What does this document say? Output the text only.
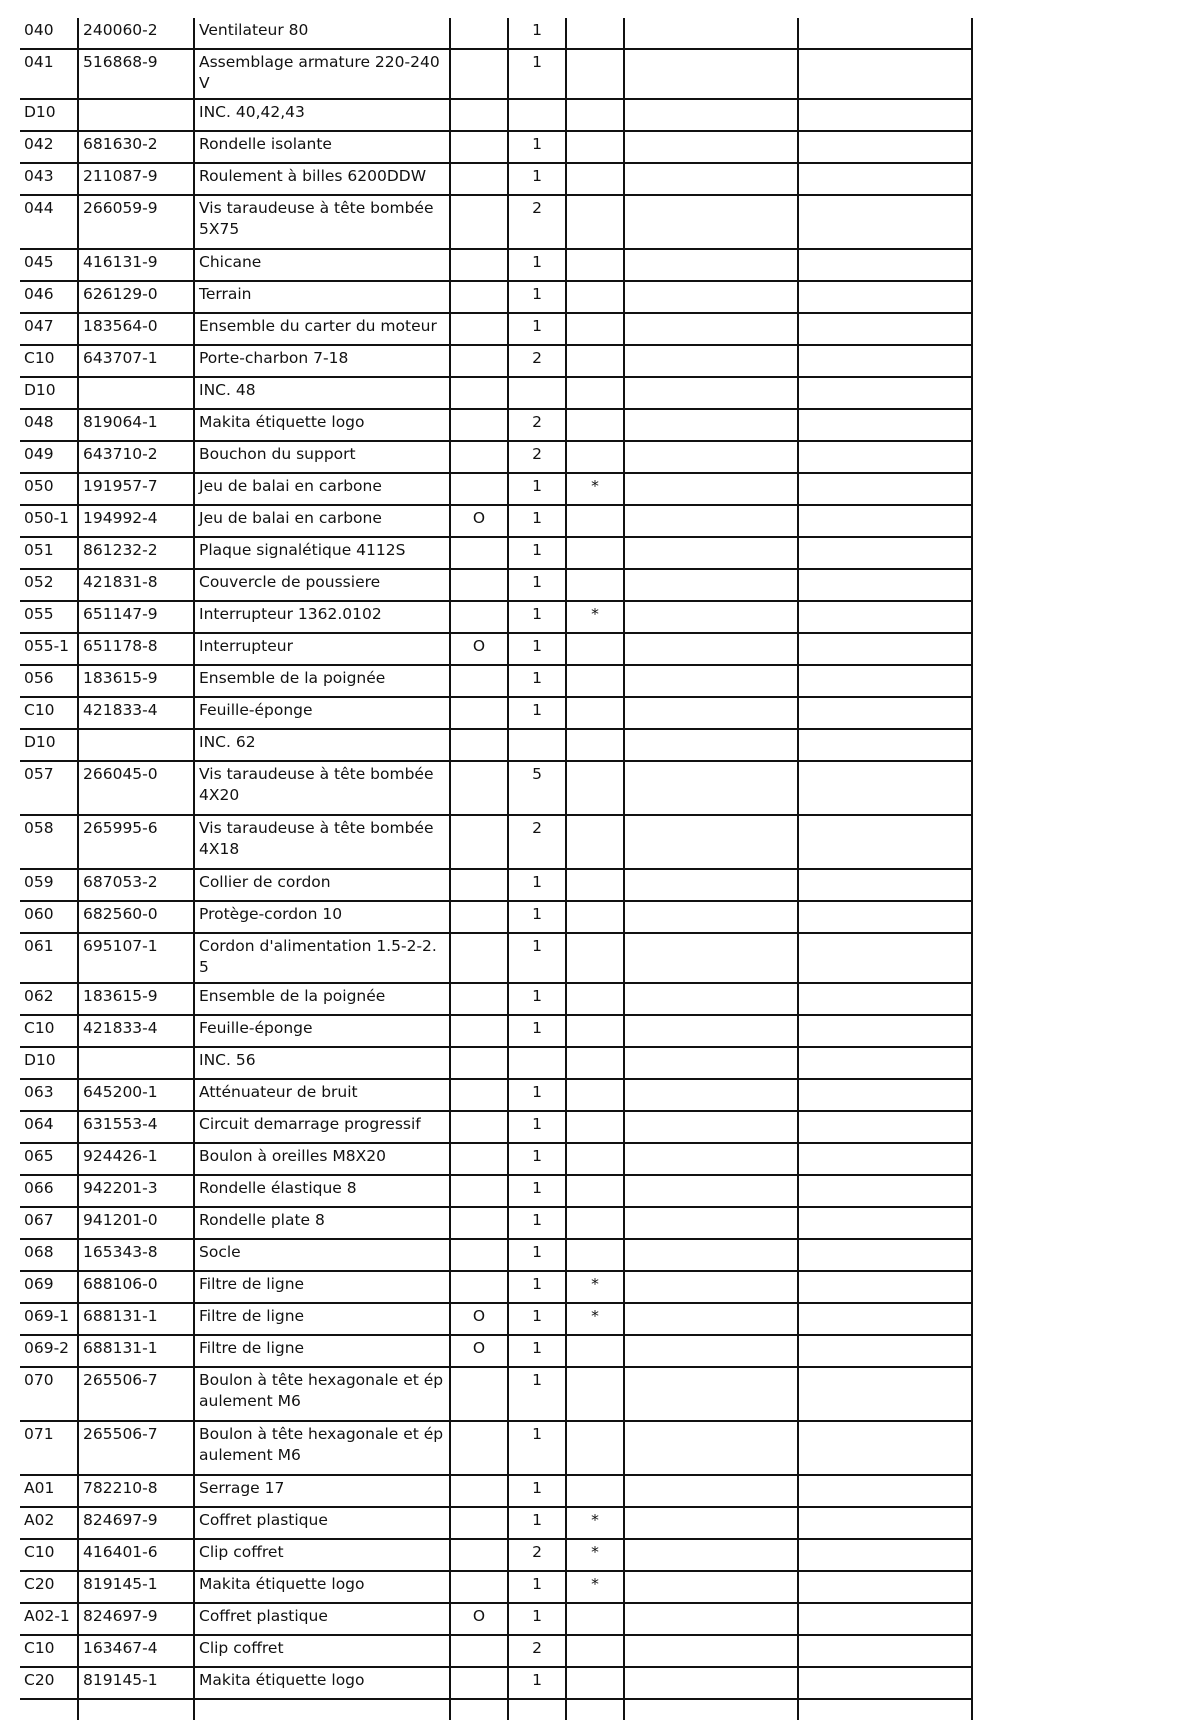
040	240060-2	Ventilateur 80		1			
041	516868-9	Assemblage armature 220-240V		1			
D10		INC. 40,42,43					
042	681630-2	Rondelle isolante		1			
043	211087-9	Roulement à billes 6200DDW		1			
044	266059-9	Vis taraudeuse à tête bombée 5X75		2			
045	416131-9	Chicane		1			
046	626129-0	Terrain		1			
047	183564-0	Ensemble du carter du moteur		1			
C10	643707-1	Porte-charbon 7-18		2			
D10		INC. 48					
048	819064-1	Makita étiquette logo		2			
049	643710-2	Bouchon du support		2			
050	191957-7	Jeu de balai en carbone		1	*		
050-1	194992-4	Jeu de balai en carbone	O	1			
051	861232-2	Plaque signalétique 4112S		1			
052	421831-8	Couvercle de poussiere		1			
055	651147-9	Interrupteur 1362.0102		1	*		
055-1	651178-8	Interrupteur	O	1			
056	183615-9	Ensemble de la poignée		1			
C10	421833-4	Feuille-éponge		1			
D10		INC. 62					
057	266045-0	Vis taraudeuse à tête bombée 4X20		5			
058	265995-6	Vis taraudeuse à tête bombée 4X18		2			
059	687053-2	Collier de cordon		1			
060	682560-0	Protège-cordon 10		1			
061	695107-1	Cordon d'alimentation 1.5-2-2.5		1			
062	183615-9	Ensemble de la poignée		1			
C10	421833-4	Feuille-éponge		1			
D10		INC. 56					
063	645200-1	Atténuateur de bruit		1			
064	631553-4	Circuit demarrage progressif		1			
065	924426-1	Boulon à oreilles M8X20		1			
066	942201-3	Rondelle élastique 8		1			
067	941201-0	Rondelle plate 8		1			
068	165343-8	Socle		1			
069	688106-0	Filtre de ligne		1	*		
069-1	688131-1	Filtre de ligne	O	1	*		
069-2	688131-1	Filtre de ligne	O	1			
070	265506-7	Boulon à tête hexagonale et épaulement M6		1			
071	265506-7	Boulon à tête hexagonale et épaulement M6		1			
A01	782210-8	Serrage 17		1			
A02	824697-9	Coffret plastique		1	*		
C10	416401-6	Clip coffret		2	*		
C20	819145-1	Makita étiquette logo		1	*		
A02-1	824697-9	Coffret plastique	O	1			
C10	163467-4	Clip coffret		2			
C20	819145-1	Makita étiquette logo		1			
